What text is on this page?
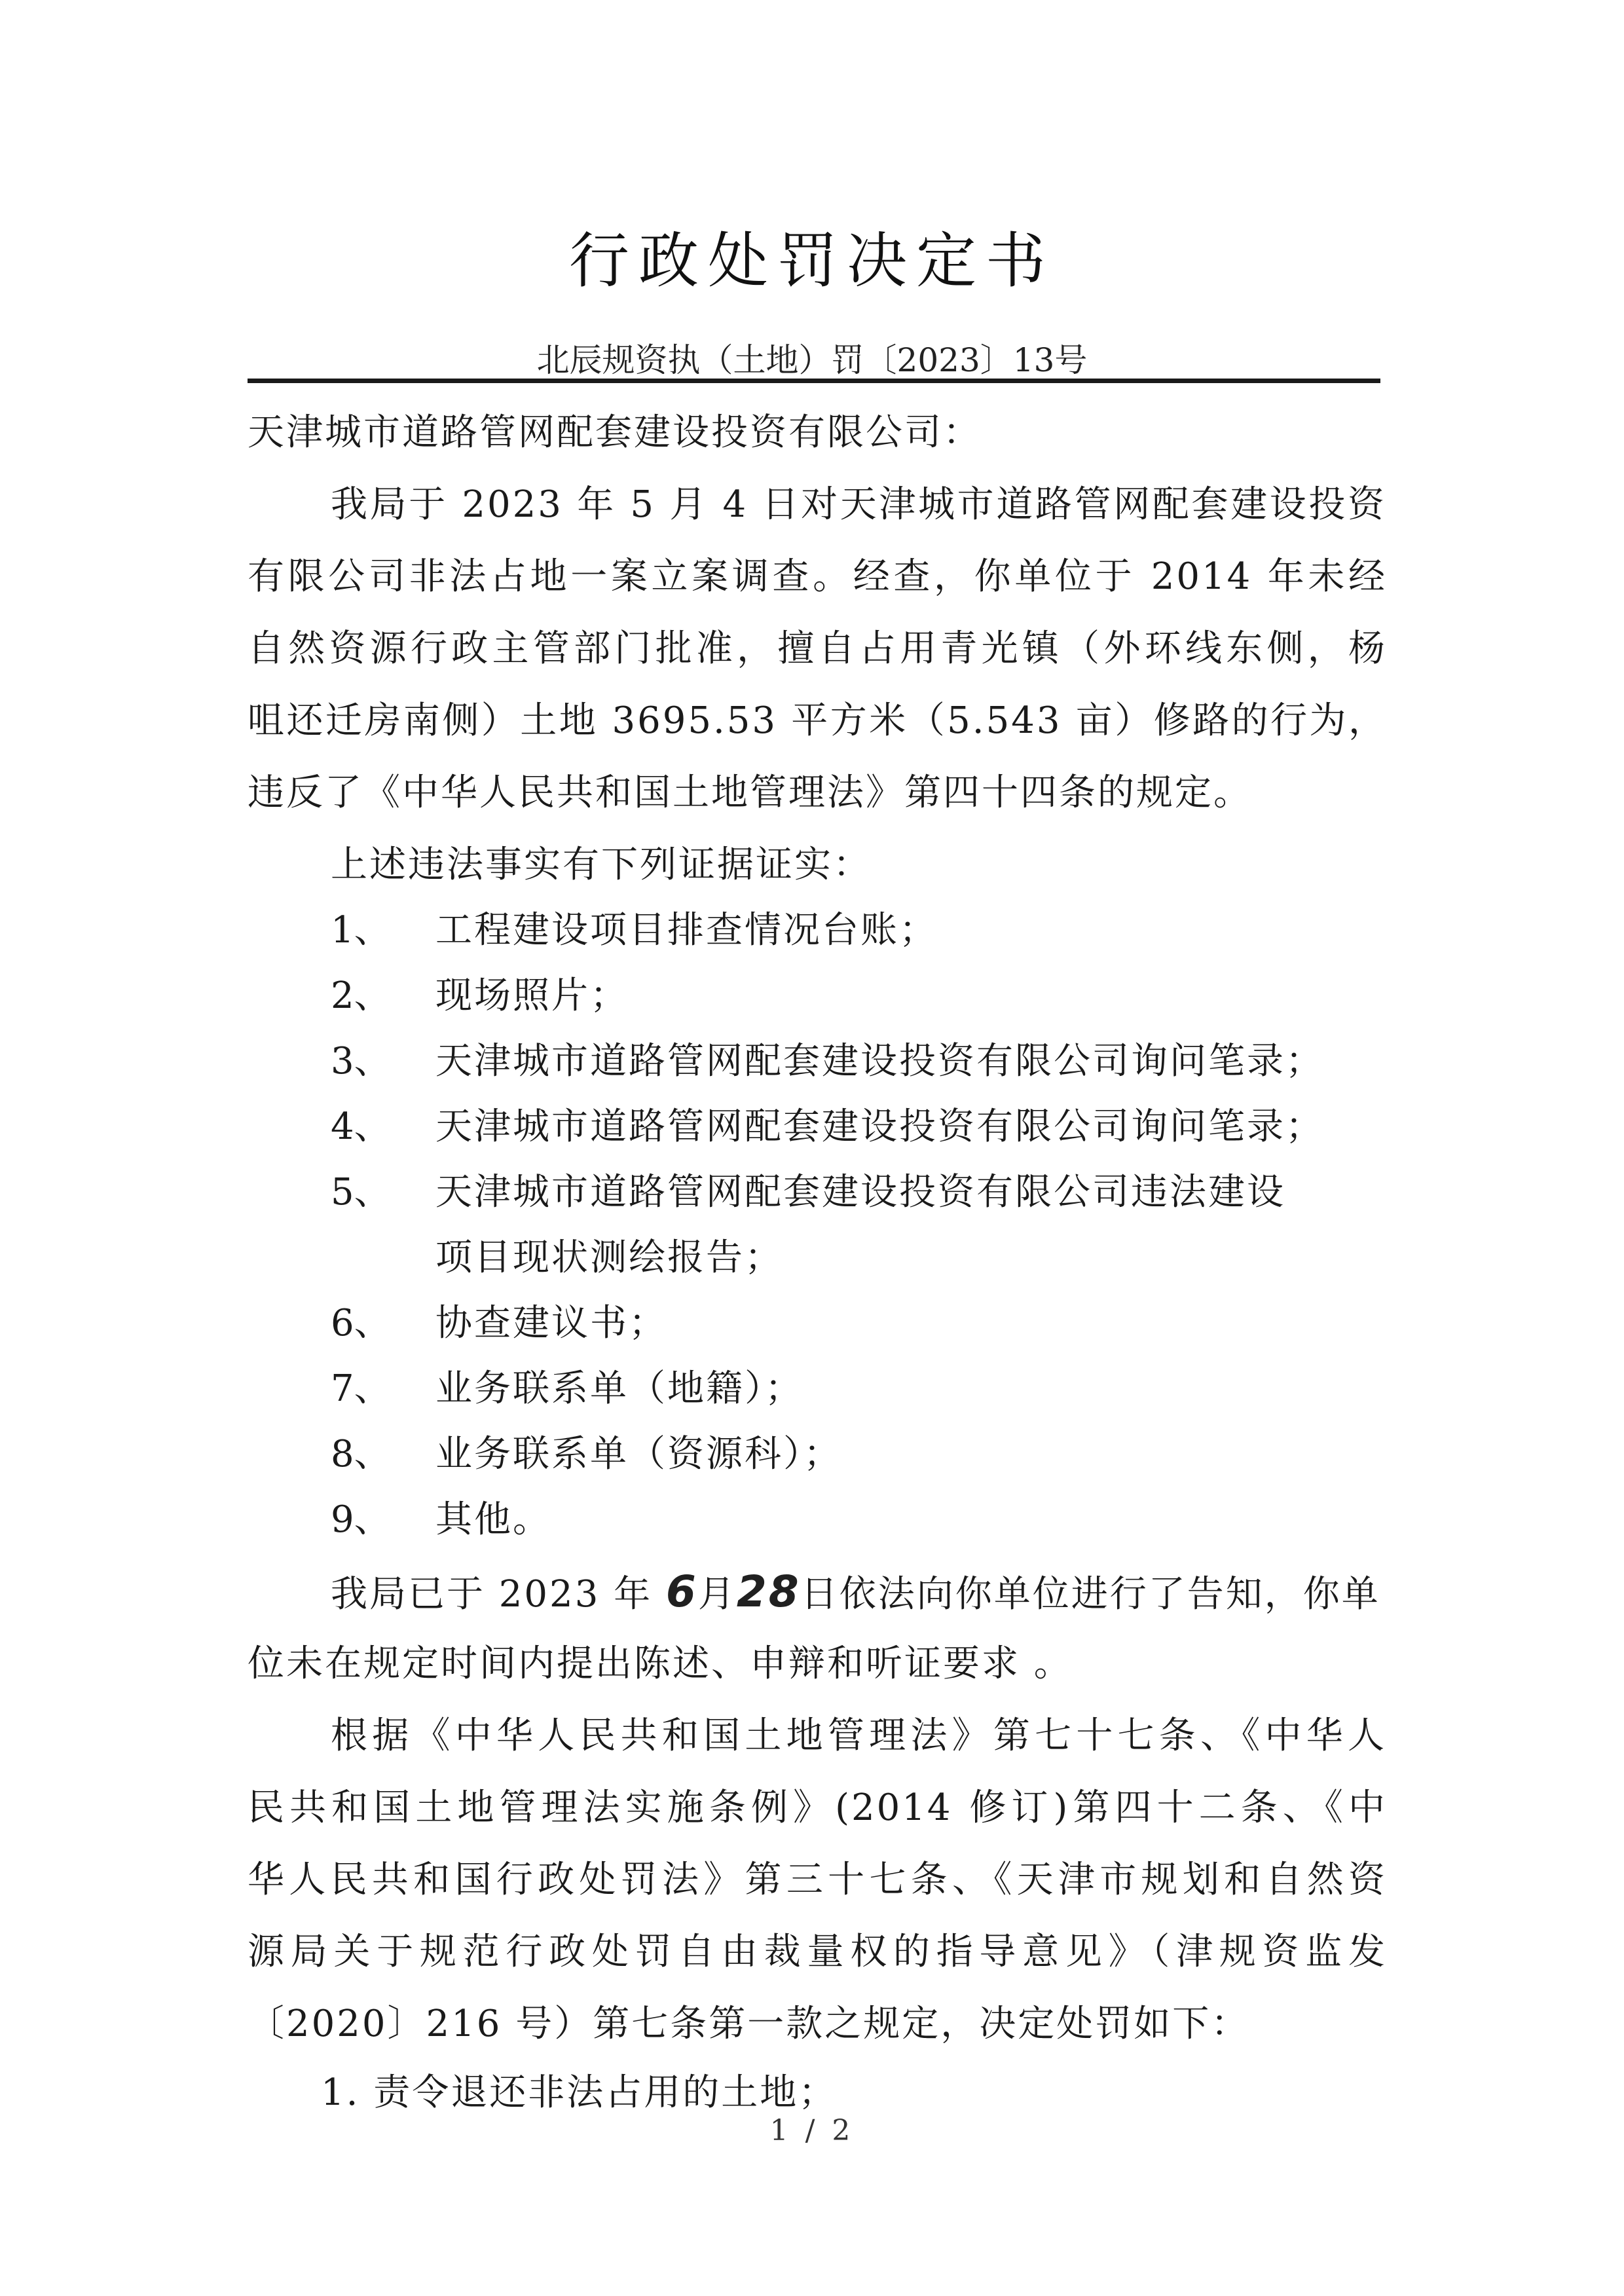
行政处罚决定书
北辰规资执（土地）罚〔2023〕13号
天津城市道路管网配套建设投资有限公司：
我局于 2023 年 5 月 4 日对天津城市道路管网配套建设投资
有限公司非法占地一案立案调查。经查，你单位于 2014 年未经
自然资源行政主管部门批准，擅自占用青光镇（外环线东侧，杨
咀还迁房南侧）土地 3695.53 平方米（5.543 亩）修路的行为，
违反了《中华人民共和国土地管理法》第四十四条的规定。
上述违法事实有下列证据证实：
1、 工程建设项目排查情况台账；
2、 现场照片；
3、 天津城市道路管网配套建设投资有限公司询问笔录；
4、 天津城市道路管网配套建设投资有限公司询问笔录；
5、 天津城市道路管网配套建设投资有限公司违法建设
项目现状测绘报告；
6、 协查建议书；
7、 业务联系单（地籍）；
8、 业务联系单（资源科）；
9、 其他。
我局已于 2023 年 6月28日依法向你单位进行了告知，你单
位未在规定时间内提出陈述、申辩和听证要求 。
根据《中华人民共和国土地管理法》第七十七条、《中华人
民共和国土地管理法实施条例》(2014 修订)第四十二条、《中
华人民共和国行政处罚法》第三十七条、《天津市规划和自然资
源局关于规范行政处罚自由裁量权的指导意见》（津规资监发
〔2020〕216 号）第七条第一款之规定，决定处罚如下：
1. 责令退还非法占用的土地；
1 / 2
